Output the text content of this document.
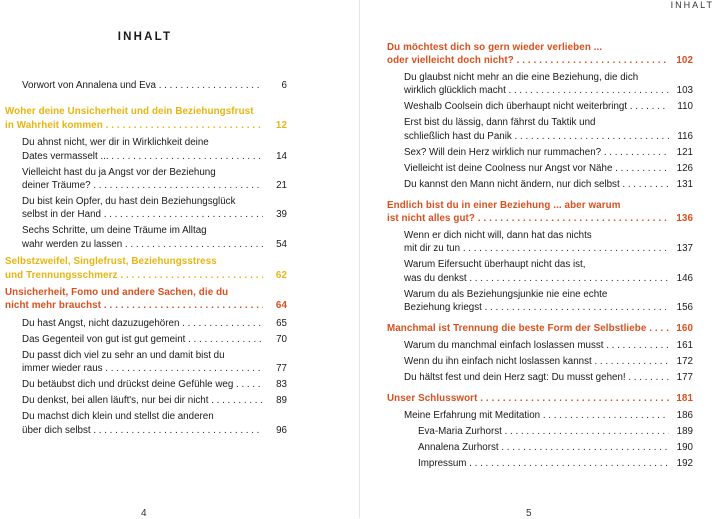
INHALT
Vorwort von Annalena und Eva . . .	6
Woher deine Unsicherheit und dein Beziehungsfrust
in Wahrheit kommen . . .	12
Du ahnst nicht, wer dir in Wirklichkeit deine
Dates vermasselt ... . . .	14
Vielleicht hast du ja Angst vor der Beziehung
deiner Träume? . . .	21
Du bist kein Opfer, du hast dein Beziehungsglück
selbst in der Hand . . .	39
Sechs Schritte, um deine Träume im Alltag
wahr werden zu lassen . . .	54
Selbstzweifel, Singlefrust, Beziehungsstress
und Trennungsschmerz . . .	62
Unsicherheit, Fomo und andere Sachen, die du
nicht mehr brauchst . . .	64
Du hast Angst, nicht dazuzugehören . . .	65
Das Gegenteil von gut ist gut gemeint . . .	70
Du passt dich viel zu sehr an und damit bist du
immer wieder raus . . .	77
Du betäubst dich und drückst deine Gefühle weg . . .	83
Du denkst, bei allen läuft's, nur bei dir nicht . . .	89
Du machst dich klein und stellst die anderen
über dich selbst . . .	96
4
INHALT
Du möchtest dich so gern wieder verlieben ...
oder vielleicht doch nicht? . . .	102
Du glaubst nicht mehr an die eine Beziehung, die dich
wirklich glücklich macht . . .	103
Weshalb Coolsein dich überhaupt nicht weiterbringt . . .	110
Erst bist du lässig, dann fährst du Taktik und
schließlich hast du Panik . . .	116
Sex? Will dein Herz wirklich nur rummachen? . . .	121
Vielleicht ist deine Coolness nur Angst vor Nähe . . .	126
Du kannst den Mann nicht ändern, nur dich selbst . . .	131
Endlich bist du in einer Beziehung ... aber warum
ist nicht alles gut? . . .	136
Wenn er dich nicht will, dann hat das nichts
mit dir zu tun . . .	137
Warum Eifersucht überhaupt nicht das ist,
was du denkst . . .	146
Warum du als Beziehungsjunkie nie eine echte
Beziehung kriegst . . .	156
Manchmal ist Trennung die beste Form der Selbstliebe . . .	160
Warum du manchmal einfach loslassen musst . . .	161
Wenn du ihn einfach nicht loslassen kannst . . .	172
Du hältst fest und dein Herz sagt: Du musst gehen! . . .	177
Unser Schlusswort . . .	181
Meine Erfahrung mit Meditation . . .	186
Eva-Maria Zurhorst . . .	189
Annalena Zurhorst . . .	190
Impressum . . .	192
5
